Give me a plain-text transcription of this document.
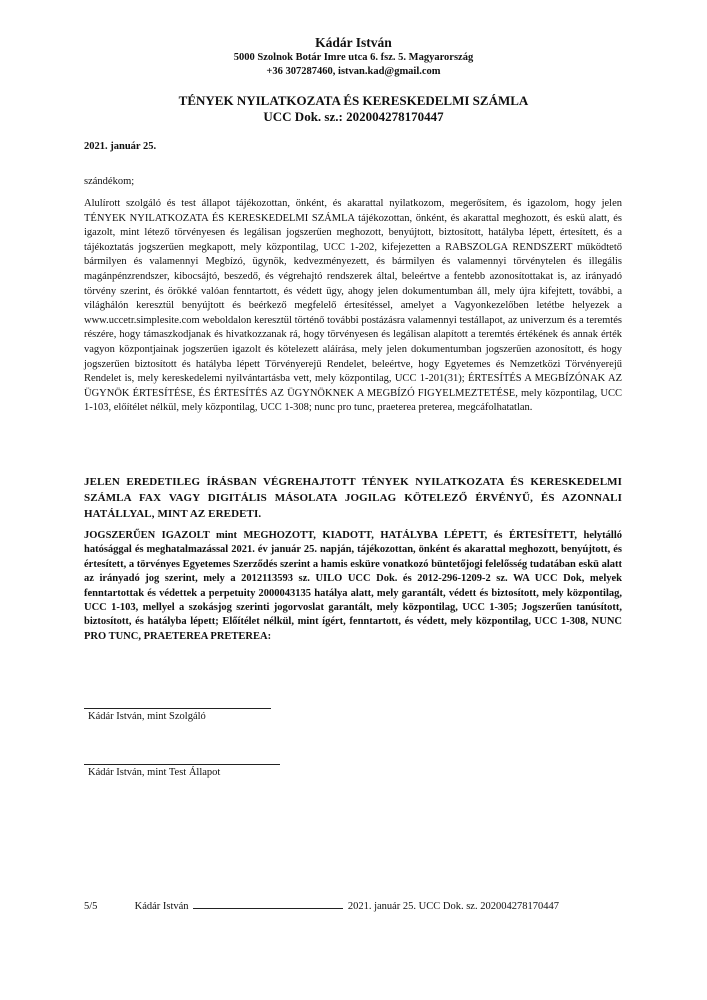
Kádár István
5000 Szolnok Botár Imre utca 6. fsz. 5. Magyarország
+36 307287460, istvan.kad@gmail.com
TÉNYEK NYILATKOZATA ÉS KERESKEDELMI SZÁMLA
UCC Dok. sz.: 202004278170447
2021. január 25.
szándékom;

Alulírott szolgáló és test állapot tájékozottan, önként, és akarattal nyilatkozom, megerősítem, és igazolom, hogy jelen TÉNYEK NYILATKOZATA ÉS KERESKEDELMI SZÁMLA tájékozottan, önként, és akarattal meghozott, és eskü alatt, és igazolt, mint létező törvényesen és legálisan jogszerűen meghozott, benyújtott, biztosított, hatályba lépett, értesített, és a tájékoztatás jogszerűen megkapott, mely központilag, UCC 1-202, kifejezetten a RABSZOLGA RENDSZERT működtető bármilyen és valamennyi Megbízó, ügynök, kedvezményezett, és bármilyen és valamennyi törvénytelen és illegális magánpénzrendszer, kibocsájtó, beszedő, és végrehajtó rendszerek által, beleértve a fentebb azonosítottakat is, az irányadó törvény szerint, és örökké valóan fenntartott, és védett ügy, ahogy jelen dokumentumban áll, mely újra kifejtett, további, a világhálón keresztül benyújtott és beérkező megfelelő értesítéssel, amelyet a Vagyonkezelőben letétbe helyezek a www.uccetr.simplesite.com weboldalon keresztül történő további postázásra valamennyi testállapot, az univerzum és a teremtés részére, hogy támaszkodjanak és hivatkozzanak rá, hogy törvényesen és legálisan alapított a teremtés értékének és annak érték vagyon központjainak jogszerűen igazolt és kötelezett aláírása, mely jelen dokumentumban jogszerűen azonosított, és hogy jogszerűen biztosított és hatályba lépett Törvényerejű Rendelet, beleértve, hogy Egyetemes és Nemzetközi Törvényerejű Rendelet is, mely kereskedelemi nyilvántartásba vett, mely központilag, UCC 1-201(31); ÉRTESÍTÉS A MEGBÍZÓNAK AZ ÜGYNÖK ÉRTESÍTÉSE, ÉS ÉRTESÍTÉS AZ ÜGYNÖKNEK A MEGBÍZÓ FIGYELMEZTETÉSE, mely központilag, UCC 1-103, előítélet nélkül, mely központilag, UCC 1-308; nunc pro tunc, praeterea preterea, megcáfolhatatlan.

JELEN EREDETILEG ÍRÁSBAN VÉGREHAJTOTT TÉNYEK NYILATKOZATA ÉS KERESKEDELMI SZÁMLA FAX VAGY DIGITÁLIS MÁSOLATA JOGILAG KÖTELEZŐ ÉRVÉNYŰ, ÉS AZONNALI HATÁLLYAL, MINT AZ EREDETI.

JOGSZERŰEN IGAZOLT mint MEGHOZOTT, KIADOTT, HATÁLYBA LÉPETT, és ÉRTESÍTETT, helytálló hatósággal és meghatalmazással 2021. év január 25. napján, tájékozottan, önként és akarattal meghozott, benyújtott, és értesített, a törvényes Egyetemes Szerződés szerint a hamis esküre vonatkozó büntetőjogi felelősség tudatában eskü alatt az irányadó jog szerint, mely a 2012113593 sz. UILO UCC Dok. és 2012-296-1209-2 sz. WA UCC Dok, melyek fenntartottak és védettek a perpetuity 2000043135 hatálya alatt, mely garantált, védett és biztosított, mely központilag, UCC 1-103, mellyel a szokásjog szerinti jogorvoslat garantált, mely központilag, UCC 1-305; Jogszerűen tanúsított, biztosított, és hatályba lépett; Előítélet nélkül, mint ígért, fenntartott, és védett, mely központilag, UCC 1-308, NUNC PRO TUNC, PRAETEREA PRETEREA:

Kádár István, mint Szolgáló
Kádár István, mint Test Állapot
5/5	Kádár István	2021. január 25. UCC Dok. sz. 202004278170447
